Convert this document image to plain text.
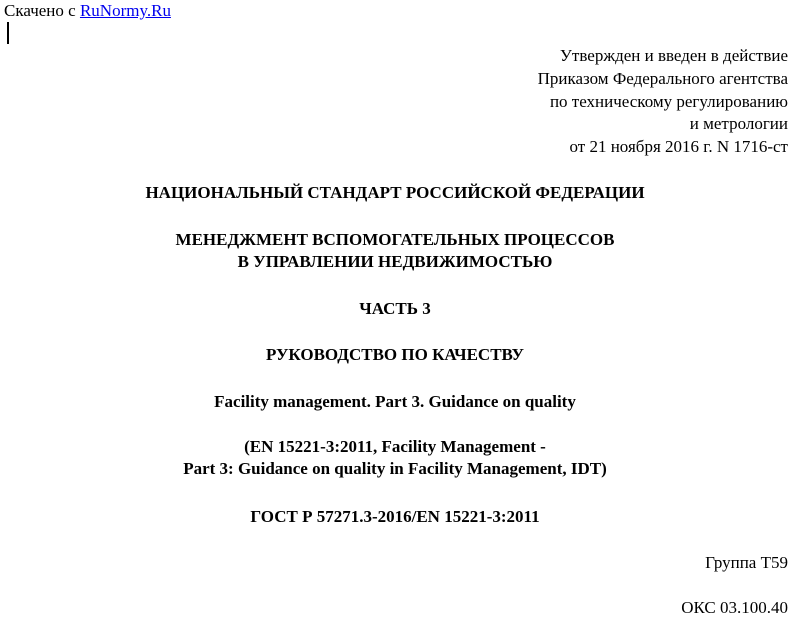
Скачено с RuNormy.Ru
Утвержден и введен в действие
Приказом Федерального агентства
по техническому регулированию
и метрологии
от 21 ноября 2016 г. N 1716-ст
НАЦИОНАЛЬНЫЙ СТАНДАРТ РОССИЙСКОЙ ФЕДЕРАЦИИ
МЕНЕДЖМЕНТ ВСПОМОГАТЕЛЬНЫХ ПРОЦЕССОВ
В УПРАВЛЕНИИ НЕДВИЖИМОСТЬЮ
ЧАСТЬ 3
РУКОВОДСТВО ПО КАЧЕСТВУ
Facility management. Part 3. Guidance on quality
(EN 15221-3:2011, Facility Management -
Part 3: Guidance on quality in Facility Management, IDT)
ГОСТ Р 57271.3-2016/EN 15221-3:2011
Группа Т59
ОКС 03.100.40
